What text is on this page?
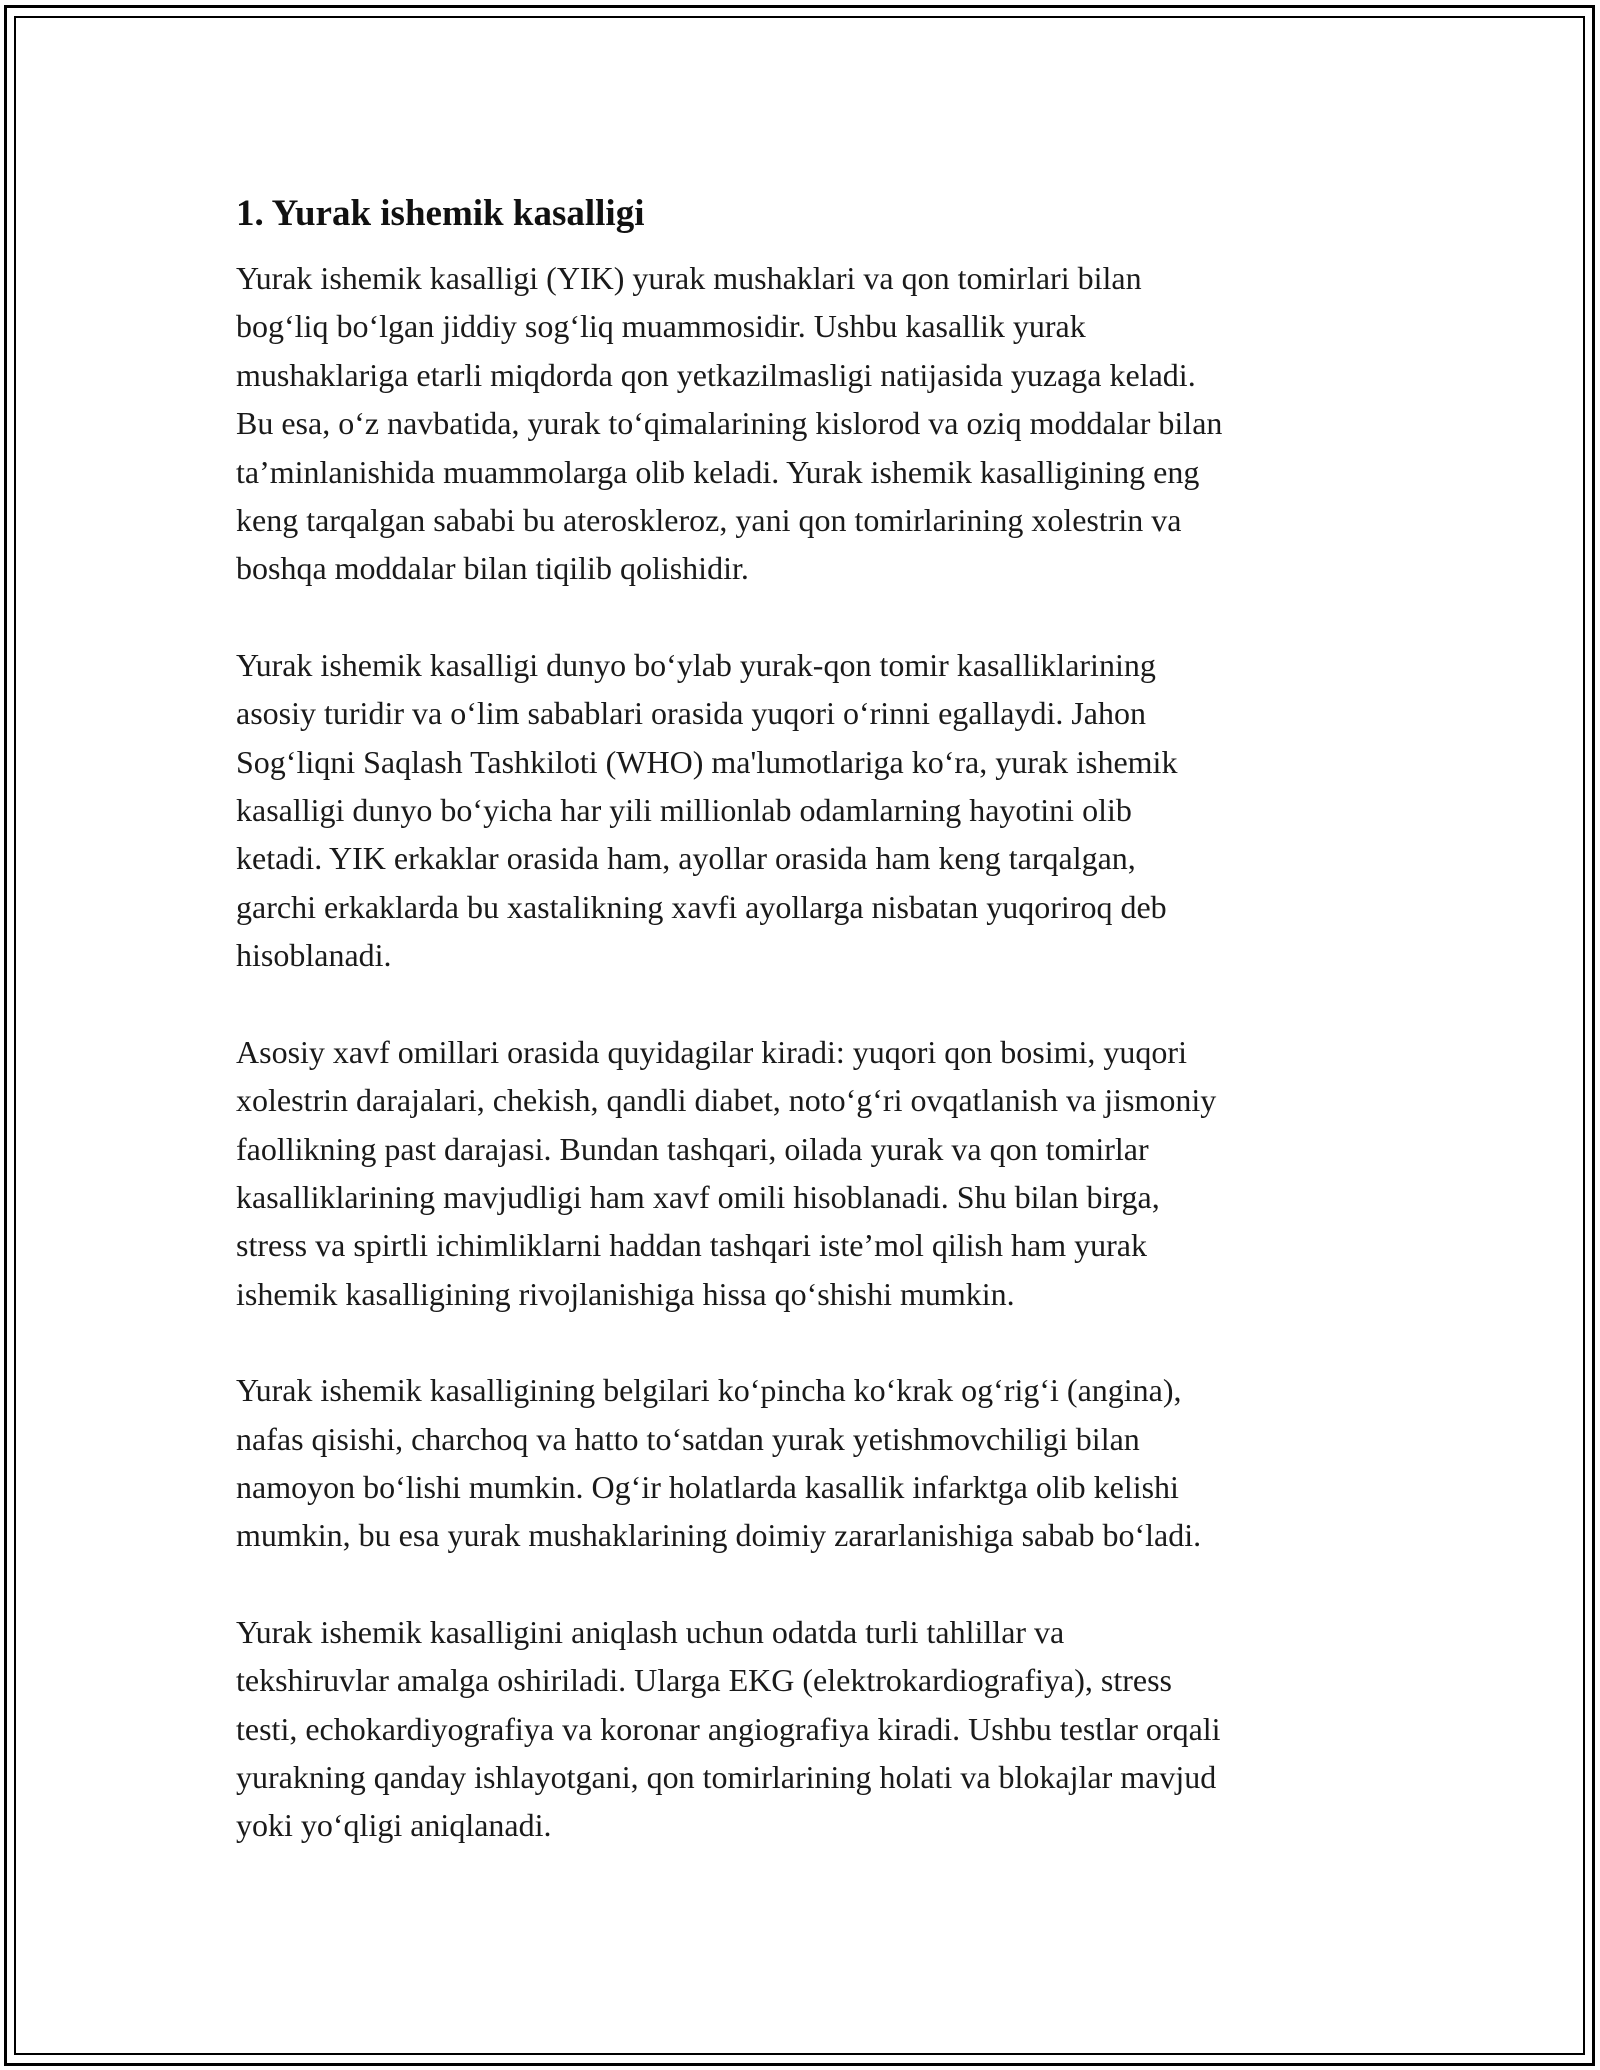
1. Yurak ishemik kasalligi

Yurak ishemik kasalligi (YIK) yurak mushaklari va qon tomirlari bilan
bog‘liq bo‘lgan jiddiy sog‘liq muammosidir. Ushbu kasallik yurak
mushaklariga etarli miqdorda qon yetkazilmasligi natijasida yuzaga keladi.
Bu esa, o‘z navbatida, yurak to‘qimalarining kislorod va oziq moddalar bilan
ta’minlanishida muammolarga olib keladi. Yurak ishemik kasalligining eng
keng tarqalgan sababi bu ateroskleroz, yani qon tomirlarining xolestrin va
boshqa moddalar bilan tiqilib qolishidir.

Yurak ishemik kasalligi dunyo bo‘ylab yurak-qon tomir kasalliklarining
asosiy turidir va o‘lim sabablari orasida yuqori o‘rinni egallaydi. Jahon
Sog‘liqni Saqlash Tashkiloti (WHO) ma'lumotlariga ko‘ra, yurak ishemik
kasalligi dunyo bo‘yicha har yili millionlab odamlarning hayotini olib
ketadi. YIK erkaklar orasida ham, ayollar orasida ham keng tarqalgan,
garchi erkaklarda bu xastalikning xavfi ayollarga nisbatan yuqoriroq deb
hisoblanadi.

Asosiy xavf omillari orasida quyidagilar kiradi: yuqori qon bosimi, yuqori
xolestrin darajalari, chekish, qandli diabet, noto‘g‘ri ovqatlanish va jismoniy
faollikning past darajasi. Bundan tashqari, oilada yurak va qon tomirlar
kasalliklarining mavjudligi ham xavf omili hisoblanadi. Shu bilan birga,
stress va spirtli ichimliklarni haddan tashqari iste’mol qilish ham yurak
ishemik kasalligining rivojlanishiga hissa qo‘shishi mumkin.

Yurak ishemik kasalligining belgilari ko‘pincha ko‘krak og‘rig‘i (angina),
nafas qisishi, charchoq va hatto to‘satdan yurak yetishmovchiligi bilan
namoyon bo‘lishi mumkin. Og‘ir holatlarda kasallik infarktga olib kelishi
mumkin, bu esa yurak mushaklarining doimiy zararlanishiga sabab bo‘ladi.

Yurak ishemik kasalligini aniqlash uchun odatda turli tahlillar va
tekshiruvlar amalga oshiriladi. Ularga EKG (elektrokardiografiya), stress
testi, echokardiyografiya va koronar angiografiya kiradi. Ushbu testlar orqali
yurakning qanday ishlayotgani, qon tomirlarining holati va blokajlar mavjud
yoki yo‘qligi aniqlanadi.
